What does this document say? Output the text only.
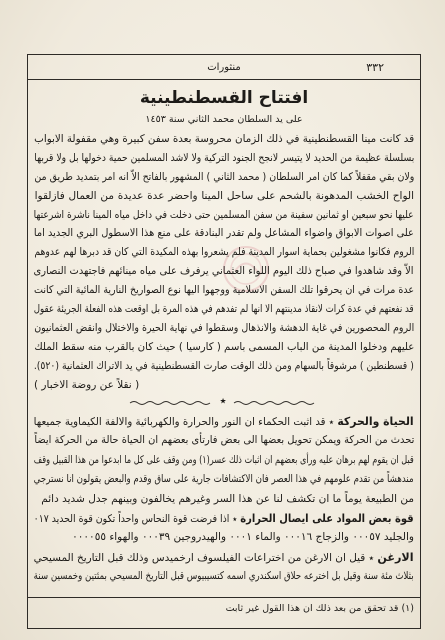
٣٣٢
منثورات
افتتاح القسطنطينية
على يد السلطان محمد الثاني سنة ١٤٥٣
قد كانت مينا القسطنطينية في ذلك الزمان محروسة بعدة سفن كبيرة وهي مقفولة الابواب
بسلسلة عظيمة من الحديد لا يتيسر لانجح الجنود التركية ولا لاشد المسلمين حمية دخولها بل ولا قربها
ولان بقي مقفلاً كما كان امر السلطان ( محمد الثاني ) المشهور بالفاتح الاّ انه امر بتمديد طريق من
الواح الخشب المدهونة بالشحم على ساحل المينا واحضر عدة عديدة من العمال فازلقوا
عليها نحو سبعين او ثمانين سفينة من سفن المسلمين حتى دخلت في داخل مياه المينا ناشرة اشرعتها
على اصوات الابواق واضواء المشاعل ولم تقدر البنادقة على منع هذا الاسطول البري الجديد اما
الروم فكانوا مشغولين بحماية اسوار المدينة فلم يشعروا بهذه المكيدة التي كان قد دبرها لهم عدوهم
الاّ وقد شاهدوا في صباح ذلك اليوم اللواء العثماني يرفرف على مياه مينائهم فاجتهدت النصارى
عدة مرات في ان يحرقوا تلك السفن الاسلامية ووجهوا اليها نوع الصواريخ النارية المائية التي كانت
قد نفعتهم في عدة كرات لانقاذ مدينتهم الا انها لم تفدهم في هذه المرة بل اوقعت هذه الفعلة الجريئة عقول
الروم المحصورين في غاية الدهشة والانذهال وسقطوا في نهاية الحيرة والاختلال وانقض العثمانيون
عليهم ودخلوا المدينة من الباب المسمى باسم ( كارسيا ) حيث كان بالقرب منه سقط الملك
( قسطنطين ) مرشوقاً بالسهام ومن ذلك الوقت صارت القسطنطينية في يد الاتراك العثمانية (٥٢٠).
( نقلاً عن روضة الاخبار )
٭
الحياة والحركة ٭ قد اثبت الحكماء ان النور والحرارة والكهربائية والالفة الكيماوية جميعها
تحدث من الحركة ويمكن تحويل بعضها الى بعض فارتأى بعضهم ان الحياة حالة من الحركة ايضاً
قبل ان يقوم لهم برهان عليه ورأى بعضهم ان اثبات ذلك عسر(١) ومن وقف على كل ما ابدعوا من هذا القبيل وقف
مندهشاً من تقدم علومهم في هذا العصر فان الاكتشافات جارية على ساق وقدم والبعض يقولون انا نسترجي
من الطبيعة يوماً ما ان تكشف لنا عن هذا السر وغيرهم يخالفون وبينهم جدل شديد دائم
قوة بعض المواد على ايصال الحرارة ٭ اذا فرضت قوة النحاس واحداً تكون قوة الحديد ٠١٧
والجليد ٠٠٠٥٧ والزجاج ٠٠٠١٦ والماء ٠٠٠١ والهيدروجين ٠٠٠٣٩ والهواء ٠٠٠٠٥٥
الارغن ٭ قيل ان الارغن من اختراعات الفيلسوف ارخميدس وذلك قبل التاريخ المسيحي
بثلاث مئة سنة وقيل بل اخترعه حلاق اسكندري اسمه كتسيبيوس قبل التاريخ المسيحي بمئتين وخمسين سنة
(١) قد تحقق من بعد ذلك ان هذا القول غير ثابت
